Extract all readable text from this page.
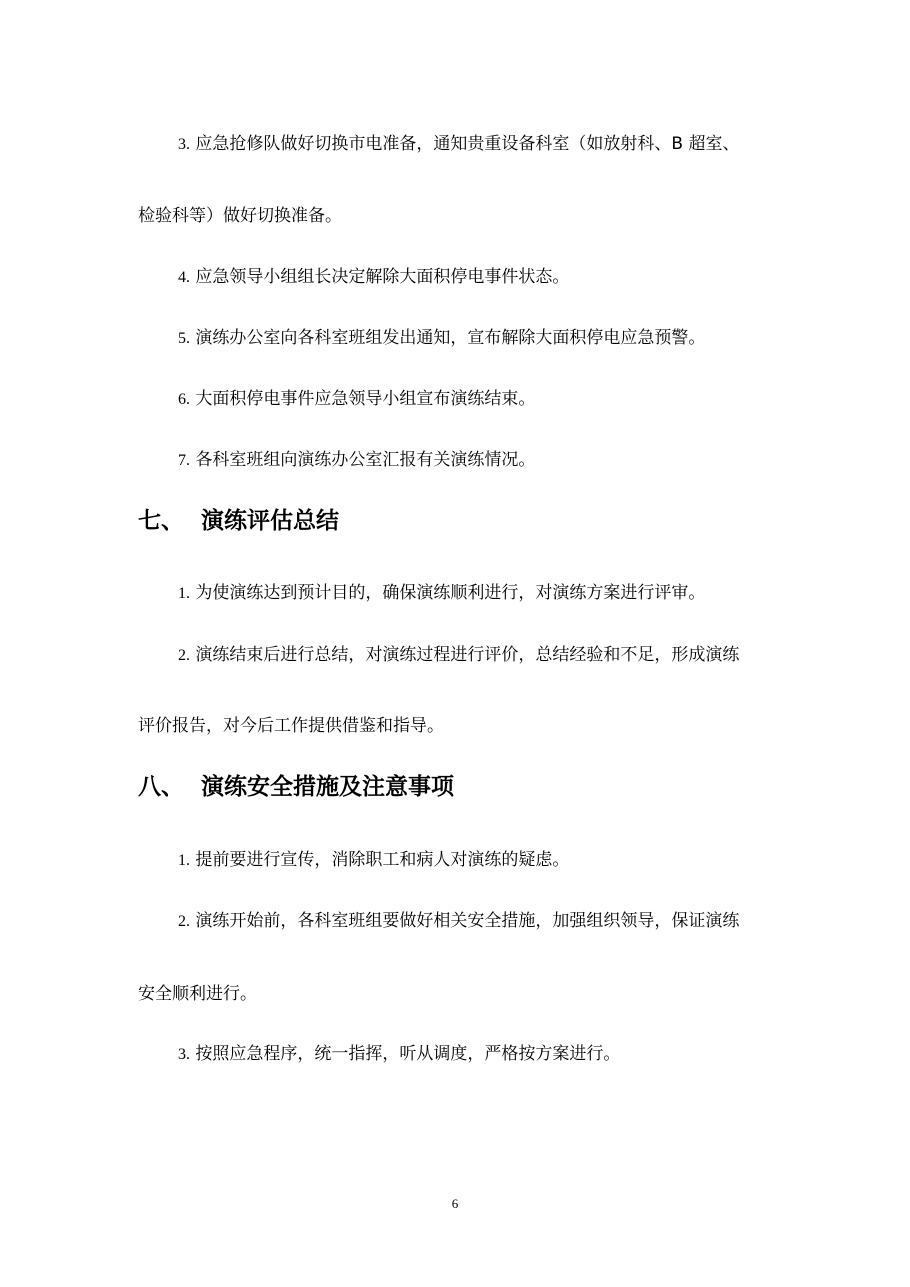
3. 应急抢修队做好切换市电准备，通知贵重设备科室（如放射科、B 超室、
检验科等）做好切换准备。
4. 应急领导小组组长决定解除大面积停电事件状态。
5. 演练办公室向各科室班组发出通知，宣布解除大面积停电应急预警。
6. 大面积停电事件应急领导小组宣布演练结束。
7. 各科室班组向演练办公室汇报有关演练情况。
七、 演练评估总结
1. 为使演练达到预计目的，确保演练顺利进行，对演练方案进行评审。
2. 演练结束后进行总结，对演练过程进行评价，总结经验和不足，形成演练
评价报告，对今后工作提供借鉴和指导。
八、 演练安全措施及注意事项
1. 提前要进行宣传，消除职工和病人对演练的疑虑。
2. 演练开始前，各科室班组要做好相关安全措施，加强组织领导，保证演练
安全顺利进行。
3. 按照应急程序，统一指挥，听从调度，严格按方案进行。
6
